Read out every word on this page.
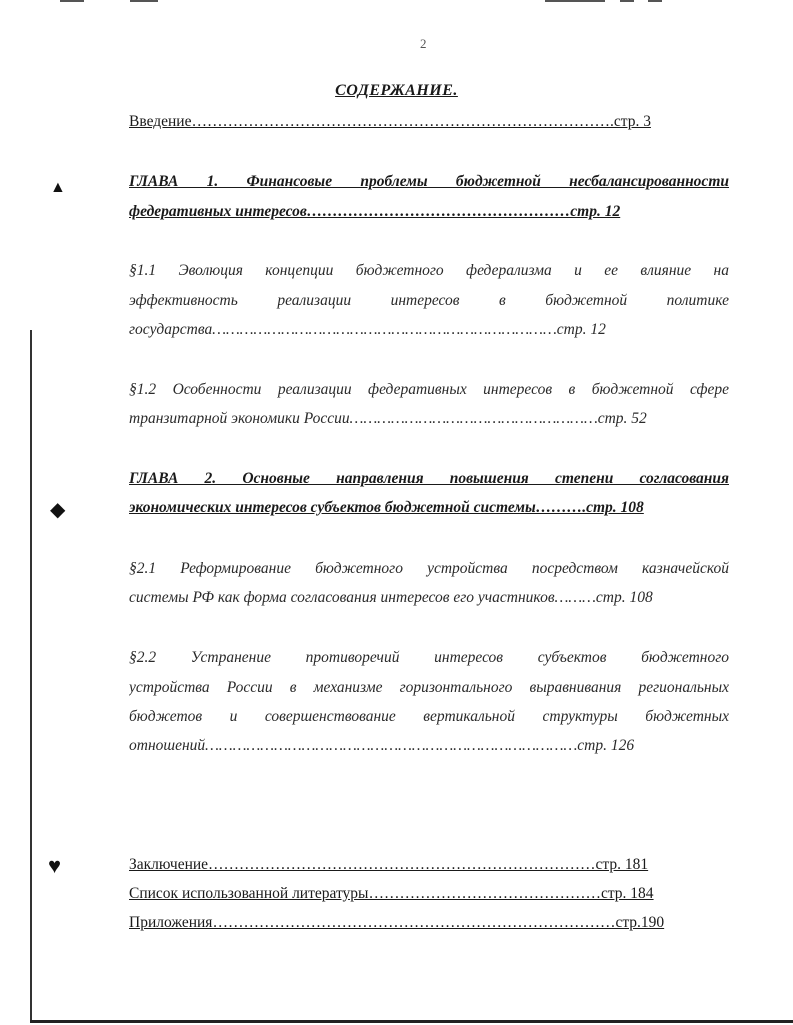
▲
◆
♥
2
СОДЕРЖАНИЕ.
Введение……………………………………………………………………….стр. 3
ГЛАВА 1. Финансовые проблемы бюджетной несбалансированности
федеративных интересов……………………………………………стр. 12
§1.1 Эволюция концепции бюджетного федерализма и ее влияние на
эффективность реализации интересов в бюджетной политике
государства…………………………………………………………………стр. 12
§1.2 Особенности реализации федеративных интересов в бюджетной сфере
транзитарной экономики России………………………………………………стр. 52
ГЛАВА 2. Основные направления повышения степени согласования
экономических интересов субъектов бюджетной системы……….стр. 108
§2.1 Реформирование бюджетного устройства посредством казначейской
системы РФ как форма согласования интересов его участников………стр. 108
§2.2 Устранение противоречий интересов субъектов бюджетного
устройства России в механизме горизонтального выравнивания региональных
бюджетов и совершенствование вертикальной структуры бюджетных
отношений………………………………………………………………………стр. 126
Заключение…………………………………………………………………стр. 181
Список использованной литературы………………………………………стр. 184
Приложения……………………………………………………………………стр.190
